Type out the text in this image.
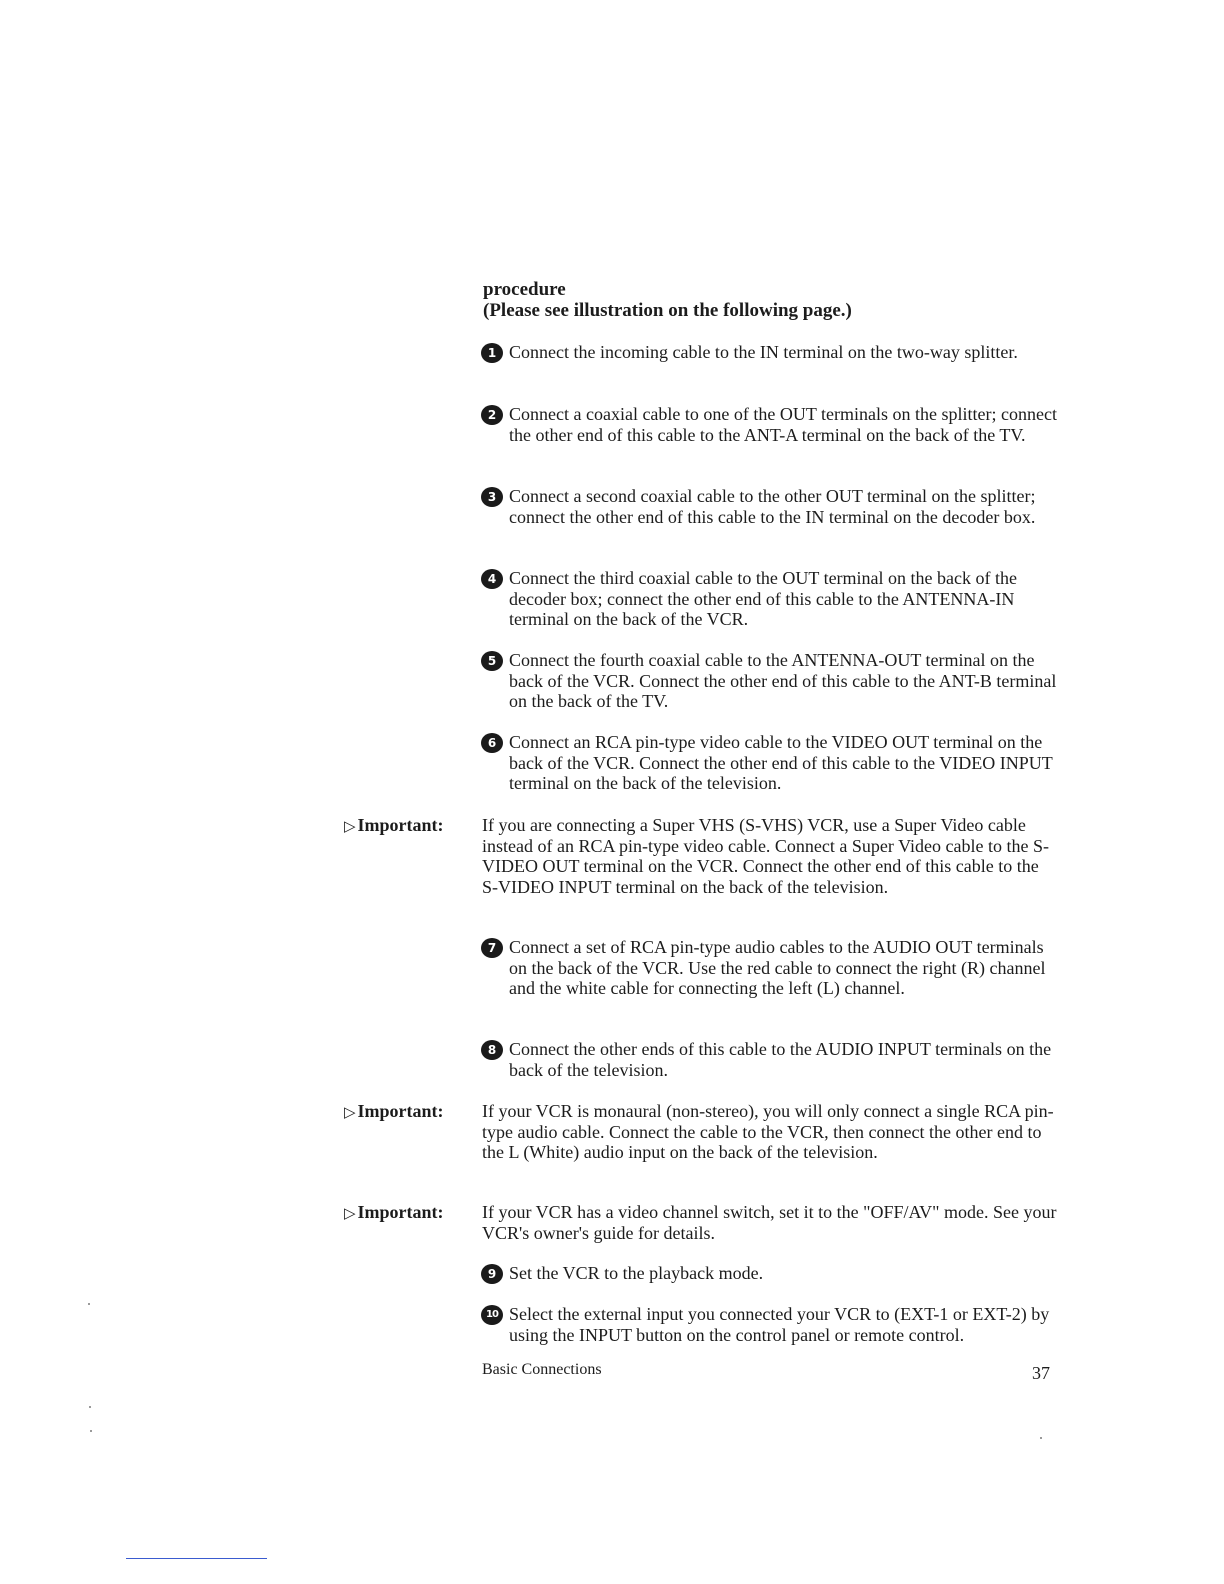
procedure
(Please see illustration on the following page.)
1 Connect the incoming cable to the IN terminal on the two-way splitter.
2 Connect a coaxial cable to one of the OUT terminals on the splitter; connect the other end of this cable to the ANT-A terminal on the back of the TV.
3 Connect a second coaxial cable to the other OUT terminal on the splitter; connect the other end of this cable to the IN terminal on the decoder box.
4 Connect the third coaxial cable to the OUT terminal on the back of the decoder box; connect the other end of this cable to the ANTENNA-IN terminal on the back of the VCR.
5 Connect the fourth coaxial cable to the ANTENNA-OUT terminal on the back of the VCR. Connect the other end of this cable to the ANT-B terminal on the back of the TV.
6 Connect an RCA pin-type video cable to the VIDEO OUT terminal on the back of the VCR. Connect the other end of this cable to the VIDEO INPUT terminal on the back of the television.
▷ Important:	If you are connecting a Super VHS (S-VHS) VCR, use a Super Video cable instead of an RCA pin-type video cable. Connect a Super Video cable to the S-VIDEO OUT terminal on the VCR. Connect the other end of this cable to the S-VIDEO INPUT terminal on the back of the television.
7 Connect a set of RCA pin-type audio cables to the AUDIO OUT terminals on the back of the VCR. Use the red cable to connect the right (R) channel and the white cable for connecting the left (L) channel.
8 Connect the other ends of this cable to the AUDIO INPUT terminals on the back of the television.
▷ Important:	If your VCR is monaural (non-stereo), you will only connect a single RCA pin-type audio cable. Connect the cable to the VCR, then connect the other end to the L (White) audio input on the back of the television.
▷ Important:	If your VCR has a video channel switch, set it to the "OFF/AV" mode. See your VCR's owner's guide for details.
9 Set the VCR to the playback mode.
10 Select the external input you connected your VCR to (EXT-1 or EXT-2) by using the INPUT button on the control panel or remote control.
Basic Connections	37
